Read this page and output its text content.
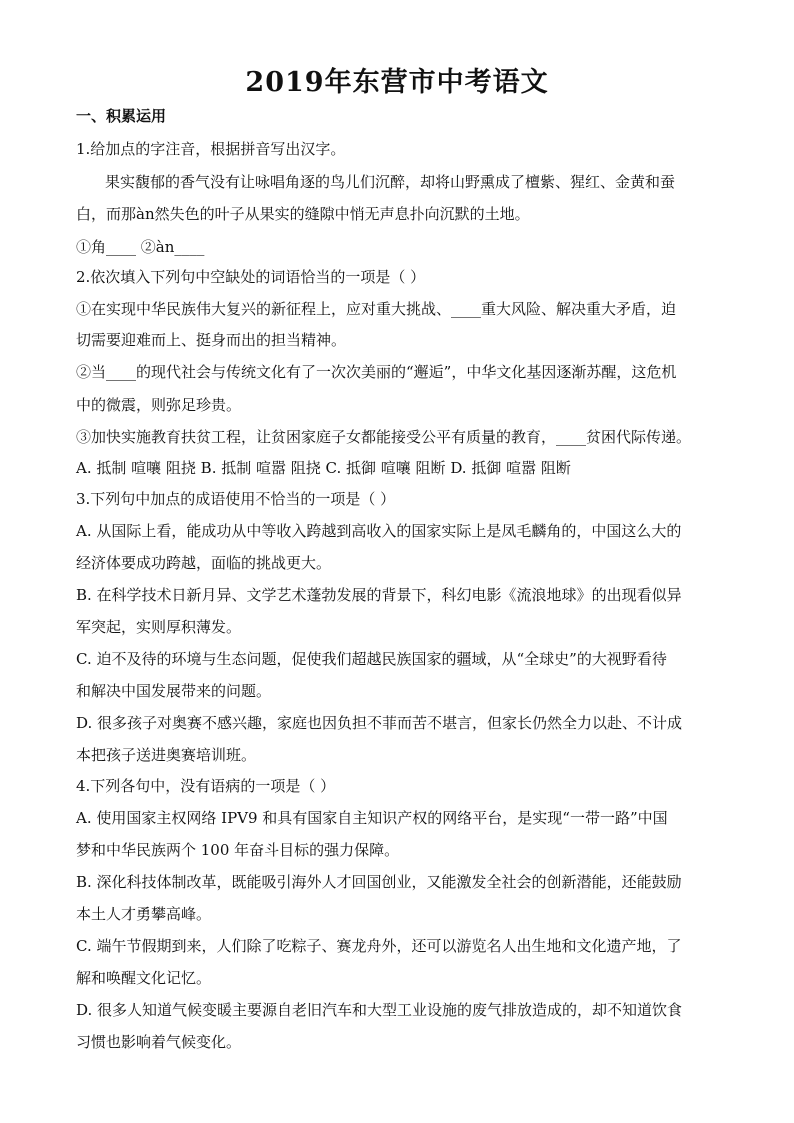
2019年东营市中考语文
一、积累运用
1.给加点的字注音，根据拼音写出汉字。
果实馥郁的香气没有让咏唱角逐的鸟儿们沉醉，却将山野熏成了檀紫、猩红、金黄和蚕
白，而那àn然失色的叶子从果实的缝隙中悄无声息扑向沉默的土地。
①角____ ②àn____
2.依次填入下列句中空缺处的词语恰当的一项是（ ）
①在实现中华民族伟大复兴的新征程上，应对重大挑战、____重大风险、解决重大矛盾，迫
切需要迎难而上、挺身而出的担当精神。
②当____的现代社会与传统文化有了一次次美丽的“邂逅”，中华文化基因逐渐苏醒，这危机
中的微震，则弥足珍贵。
③加快实施教育扶贫工程，让贫困家庭子女都能接受公平有质量的教育，____贫困代际传递。
A. 抵制 喧嚷 阻挠 B. 抵制 喧嚣 阻挠 C. 抵御 喧嚷 阻断 D. 抵御 喧嚣 阻断
3.下列句中加点的成语使用不恰当的一项是（ ）
A. 从国际上看，能成功从中等收入跨越到高收入的国家实际上是凤毛麟角的，中国这么大的
经济体要成功跨越，面临的挑战更大。
B. 在科学技术日新月异、文学艺术蓬勃发展的背景下，科幻电影《流浪地球》的出现看似异
军突起，实则厚积薄发。
C. 迫不及待的环境与生态问题，促使我们超越民族国家的疆域，从“全球史”的大视野看待
和解决中国发展带来的问题。
D. 很多孩子对奥赛不感兴趣，家庭也因负担不菲而苦不堪言，但家长仍然全力以赴、不计成
本把孩子送进奥赛培训班。
4.下列各句中，没有语病的一项是（ ）
A. 使用国家主权网络 IPV9 和具有国家自主知识产权的网络平台，是实现“一带一路”中国
梦和中华民族两个 100 年奋斗目标的强力保障。
B. 深化科技体制改革，既能吸引海外人才回国创业，又能激发全社会的创新潜能，还能鼓励
本土人才勇攀高峰。
C. 端午节假期到来，人们除了吃粽子、赛龙舟外，还可以游览名人出生地和文化遗产地，了
解和唤醒文化记忆。
D. 很多人知道气候变暖主要源自老旧汽车和大型工业设施的废气排放造成的，却不知道饮食
习惯也影响着气候变化。
